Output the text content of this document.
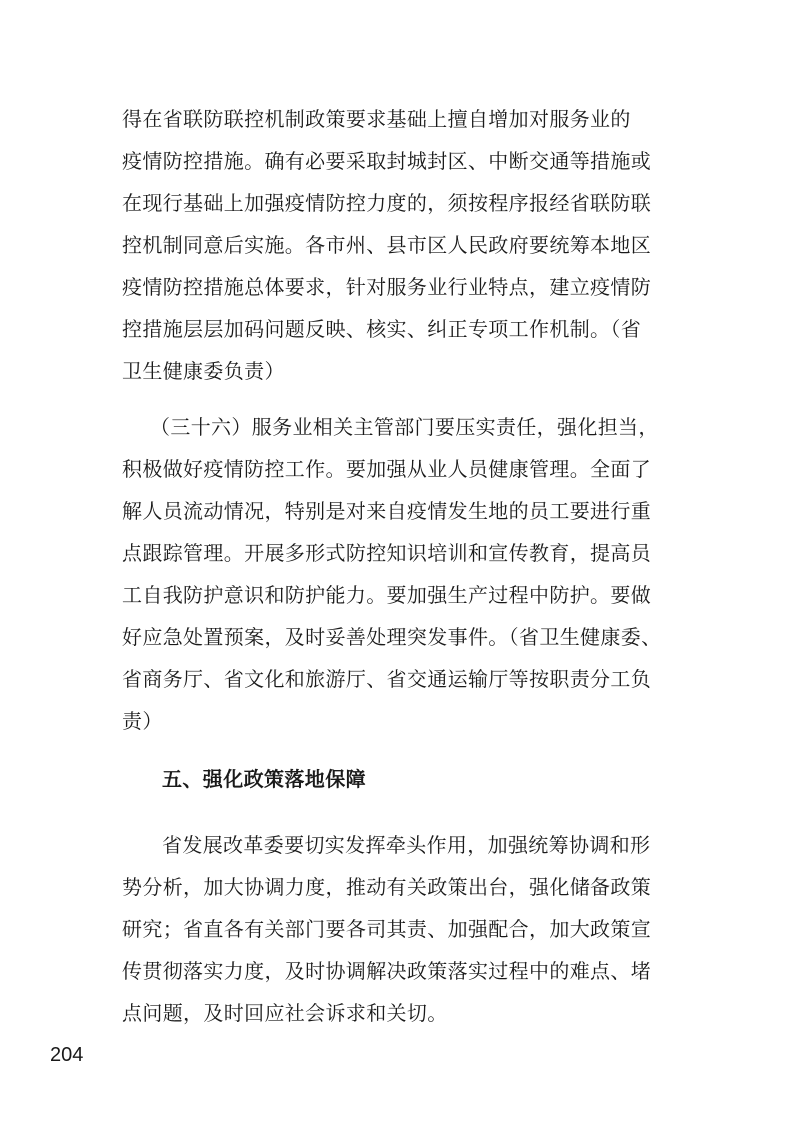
得在省联防联控机制政策要求基础上擅自增加对服务业的
疫情防控措施。确有必要采取封城封区、中断交通等措施或
在现行基础上加强疫情防控力度的，须按程序报经省联防联
控机制同意后实施。各市州、县市区人民政府要统筹本地区
疫情防控措施总体要求，针对服务业行业特点，建立疫情防
控措施层层加码问题反映、核实、纠正专项工作机制。（省
卫生健康委负责）
（三十六）服务业相关主管部门要压实责任，强化担当，
积极做好疫情防控工作。要加强从业人员健康管理。全面了
解人员流动情况，特别是对来自疫情发生地的员工要进行重
点跟踪管理。开展多形式防控知识培训和宣传教育，提高员
工自我防护意识和防护能力。要加强生产过程中防护。要做
好应急处置预案，及时妥善处理突发事件。（省卫生健康委、
省商务厅、省文化和旅游厅、省交通运输厅等按职责分工负
责）
五、强化政策落地保障
省发展改革委要切实发挥牵头作用，加强统筹协调和形
势分析，加大协调力度，推动有关政策出台，强化储备政策
研究；省直各有关部门要各司其责、加强配合，加大政策宣
传贯彻落实力度，及时协调解决政策落实过程中的难点、堵
点问题，及时回应社会诉求和关切。
204
